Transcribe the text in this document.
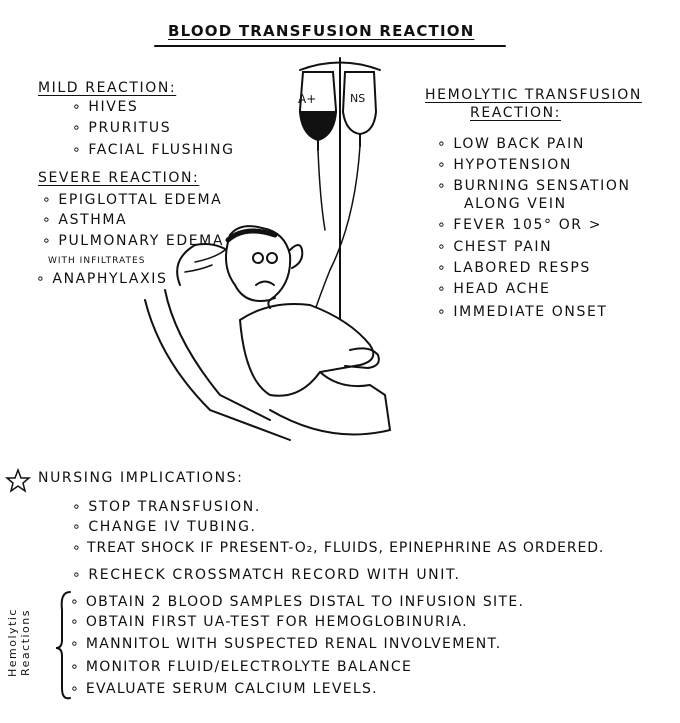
BLOOD TRANSFUSION REACTION
A+	NS
MILD REACTION:
∘ HIVES
∘ PRURITUS
∘ FACIAL FLUSHING
SEVERE REACTION:
∘ EPIGLOTTAL EDEMA
∘ ASTHMA
∘ PULMONARY EDEMA
WITH INFILTRATES
∘ ANAPHYLAXIS
HEMOLYTIC TRANSFUSION
REACTION:
∘ LOW BACK PAIN
∘ HYPOTENSION
∘ BURNING SENSATION
ALONG VEIN
∘ FEVER 105° OR >
∘ CHEST PAIN
∘ LABORED RESPS
∘ HEAD ACHE
∘ IMMEDIATE ONSET
NURSING IMPLICATIONS:
∘ STOP TRANSFUSION.
∘ CHANGE IV TUBING.
∘ TREAT SHOCK IF PRESENT-O₂, FLUIDS, EPINEPHRINE AS ORDERED.
∘ RECHECK CROSSMATCH RECORD WITH UNIT.
Hemolytic
Reactions
∘ OBTAIN 2 BLOOD SAMPLES DISTAL TO INFUSION SITE.
∘ OBTAIN FIRST UA-TEST FOR HEMOGLOBINURIA.
∘ MANNITOL WITH SUSPECTED RENAL INVOLVEMENT.
∘ MONITOR FLUID/ELECTROLYTE BALANCE
∘ EVALUATE SERUM CALCIUM LEVELS.
